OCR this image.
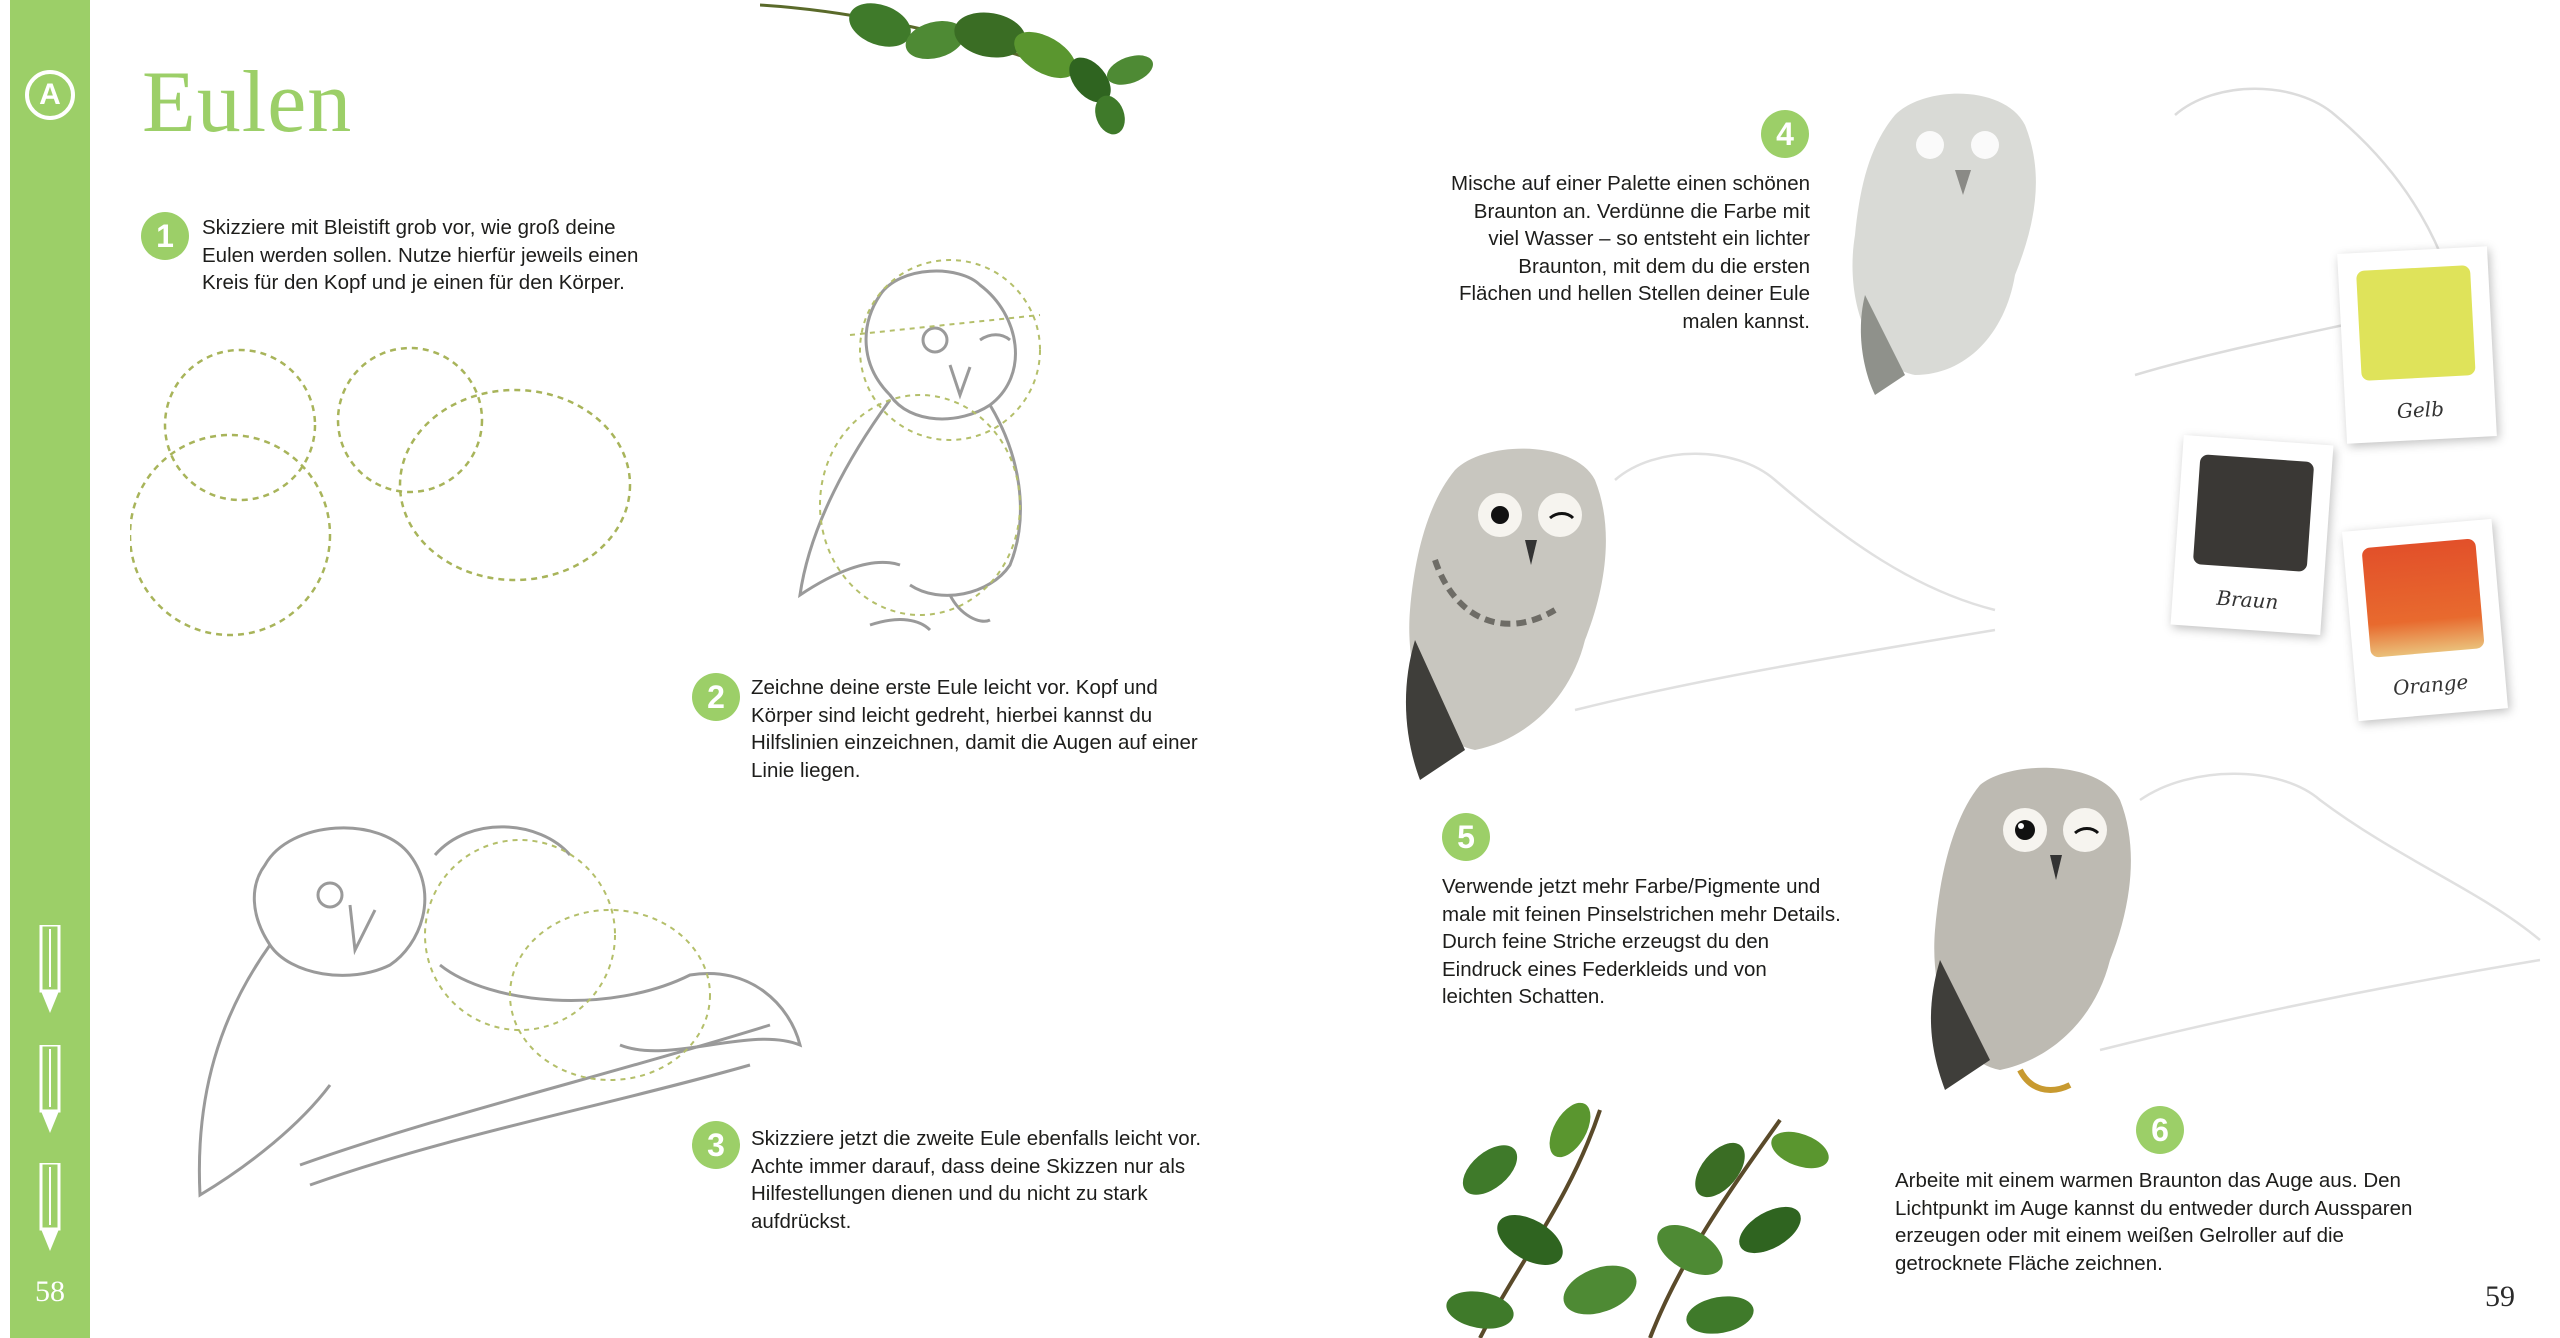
A
58
Eulen
1	Skizziere mit Bleistift grob vor, wie groß deine Eulen werden sollen. Nutze hierfür jeweils einen Kreis für den Kopf und je einen für den Körper.
2	Zeichne deine erste Eule leicht vor. Kopf und Körper sind leicht gedreht, hierbei kannst du Hilfslinien einzeichnen, damit die Augen auf einer Linie liegen.
3	Skizziere jetzt die zweite Eule ebenfalls leicht vor. Achte immer darauf, dass deine Skizzen nur als Hilfestellungen dienen und du nicht zu stark aufdrückst.
4
Mische auf einer Palette einen schönen Braunton an. Verdünne die Farbe mit viel Wasser – so entsteht ein lichter Braunton, mit dem du die ersten Flächen und hellen Stellen deiner Eule malen kannst.
Gelb
Braun
Orange
5
Verwende jetzt mehr Farbe/Pigmente und male mit feinen Pinselstrichen mehr Details. Durch feine Striche erzeugst du den Eindruck eines Federkleids und von leichten Schatten.
6
Arbeite mit einem warmen Braunton das Auge aus. Den Lichtpunkt im Auge kannst du entweder durch Aussparen erzeugen oder mit einem weißen Gelroller auf die getrocknete Fläche zeichnen.
59
